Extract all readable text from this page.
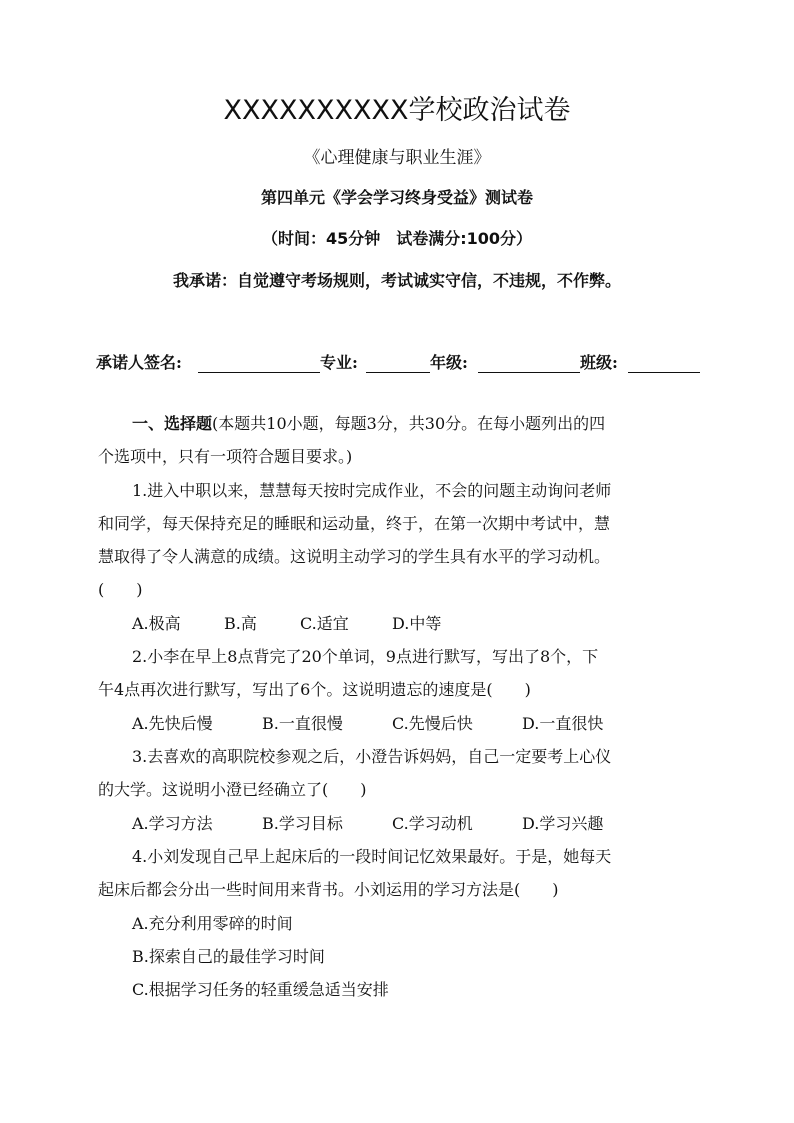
XXXXXXXXXX学校政治试卷
《心理健康与职业生涯》
第四单元《学会学习终身受益》测试卷
（时间：45分钟　试卷满分:100分）
我承诺：自觉遵守考场规则，考试诚实守信，不违规，不作弊。
承诺人签名:	专业:	年级:	班级:
一、选择题(本题共10小题，每题3分，共30分。在每小题列出的四
个选项中，只有一项符合题目要求。)
1.进入中职以来，慧慧每天按时完成作业，不会的问题主动询问老师
和同学，每天保持充足的睡眠和运动量，终于，在第一次期中考试中，慧
慧取得了令人满意的成绩。这说明主动学习的学生具有水平的学习动机。
(　　)
A.极高	B.高	C.适宜	D.中等
2.小李在早上8点背完了20个单词，9点进行默写，写出了8个，下
午4点再次进行默写，写出了6个。这说明遗忘的速度是(　　)
A.先快后慢	B.一直很慢	C.先慢后快	D.一直很快
3.去喜欢的高职院校参观之后，小澄告诉妈妈，自己一定要考上心仪
的大学。这说明小澄已经确立了(　　)
A.学习方法	B.学习目标	C.学习动机	D.学习兴趣
4.小刘发现自己早上起床后的一段时间记忆效果最好。于是，她每天
起床后都会分出一些时间用来背书。小刘运用的学习方法是(　　)
A.充分利用零碎的时间
B.探索自己的最佳学习时间
C.根据学习任务的轻重缓急适当安排
